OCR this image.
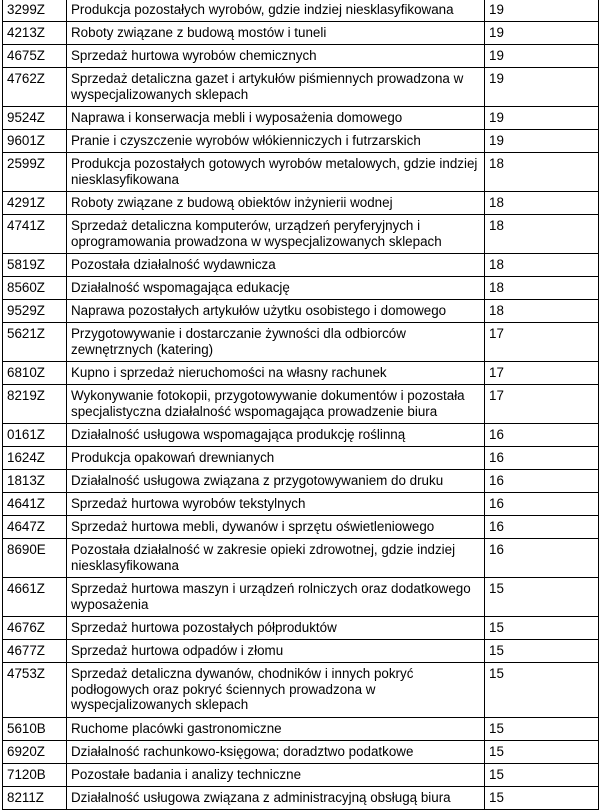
3299Z	Produkcja pozostałych wyrobów, gdzie indziej niesklasyfikowana	19
4213Z	Roboty związane z budową mostów i tuneli	19
4675Z	Sprzedaż hurtowa wyrobów chemicznych	19
4762Z	Sprzedaż detaliczna gazet i artykułów piśmiennych prowadzona w wyspecjalizowanych sklepach	19
9524Z	Naprawa i konserwacja mebli i wyposażenia domowego	19
9601Z	Pranie i czyszczenie wyrobów włókienniczych i futrzarskich	19
2599Z	Produkcja pozostałych gotowych wyrobów metalowych, gdzie indziej niesklasyfikowana	18
4291Z	Roboty związane z budową obiektów inżynierii wodnej	18
4741Z	Sprzedaż detaliczna komputerów, urządzeń peryferyjnych i oprogramowania prowadzona w wyspecjalizowanych sklepach	18
5819Z	Pozostała działalność wydawnicza	18
8560Z	Działalność wspomagająca edukację	18
9529Z	Naprawa pozostałych artykułów użytku osobistego i domowego	18
5621Z	Przygotowywanie i dostarczanie żywności dla odbiorców zewnętrznych (katering)	17
6810Z	Kupno i sprzedaż nieruchomości na własny rachunek	17
8219Z	Wykonywanie fotokopii, przygotowywanie dokumentów i pozostała specjalistyczna działalność wspomagająca prowadzenie biura	17
0161Z	Działalność usługowa wspomagająca produkcję roślinną	16
1624Z	Produkcja opakowań drewnianych	16
1813Z	Działalność usługowa związana z przygotowywaniem do druku	16
4641Z	Sprzedaż hurtowa wyrobów tekstylnych	16
4647Z	Sprzedaż hurtowa mebli, dywanów i sprzętu oświetleniowego	16
8690E	Pozostała działalność w zakresie opieki zdrowotnej, gdzie indziej niesklasyfikowana	16
4661Z	Sprzedaż hurtowa maszyn i urządzeń rolniczych oraz dodatkowego wyposażenia	15
4676Z	Sprzedaż hurtowa pozostałych półproduktów	15
4677Z	Sprzedaż hurtowa odpadów i złomu	15
4753Z	Sprzedaż detaliczna dywanów, chodników i innych pokryć podłogowych oraz pokryć ściennych prowadzona w wyspecjalizowanych sklepach	15
5610B	Ruchome placówki gastronomiczne	15
6920Z	Działalność rachunkowo-księgowa; doradztwo podatkowe	15
7120B	Pozostałe badania i analizy techniczne	15
8211Z	Działalność usługowa związana z administracyjną obsługą biura	15
